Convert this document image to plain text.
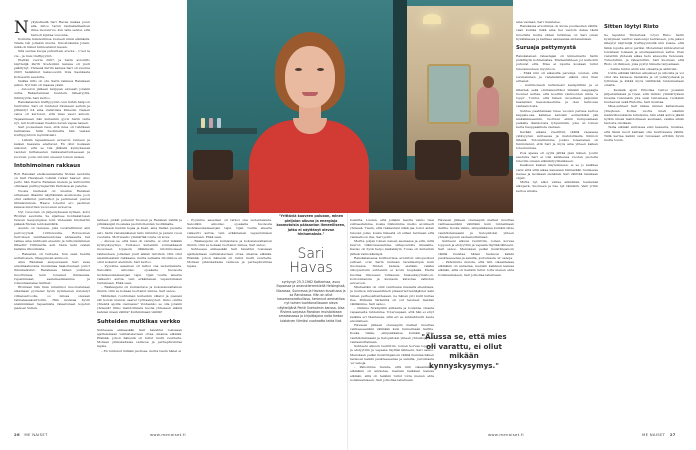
Nykyhetkellä Sari Havas makaa puun alla, mitoo tarun rauhakaimenben ihme mouunruu, kuu talle selvisi, että haruoli kijutaa vuuonna.

Kolmilla milenoihinsa tuuteeli niinä elämästä. Tilalle tuli joitakin muuta. Innostuksista jotain, mikä oli hänet kiinnostanut kauan.

Sitä seuraa kuopa puhuittelu ereota – C'est la vie – ja muu treffipyyntö.

Elettiin vuotta 2007, ja Sarin avioliitto näyttelijä Pertti Sveholmin kanssa oli juuri päättynyt. Yhdessä Pertin kanssa Sari oli vuonna 2003 hankkinut kaksoosolin Ilola Sasnkasta Kotiseurin seudulla.

Vaikka liitto oli ohi, Sarin rakkaus Ranskaan jatkui. Nyt hän oli maassa yksin.

– Avioeron jälkeen karppan eloisasti jotakin uutta. Rakastumisen tuuntein, lähestyytiä, intimiyyttä, Sari kertoo.

Ranskalaisten treffipyynnö osui mihin hanjoon tuntiviimi. Sari oli tuntenut itkuneeni seitsin ja pitkäntyt itä aina vieläviisia ilmiestä. Naisen valoa oli kertonut, että mies vaevi annoin. Tapaamiseen hän kuitenkin gyvw Sarin varia nyt, leti houltuuaan itseäni olevan vapaa naisen.

Sari poolestaan tiesi, että mies oli tuhdilaan naimisissa. Siitä huolimatta hän vastasi treffipyyntöön myöntävästi.

– Lähdin tapaamiseen avioeron tunteen ja kaiken haavana edeltavat. En ollut koskaan uskonut, että se tila jälkistä kynnyksessä vaoiden mittaisesten rakkaudentunteeseen ja luovuun, josta olin niin unessut toinen naisen.

Intohimoinen rakkaus

Roti Ranskan eteläosamaidella Nizzan seudulla on Sari Havaksen toinbki tutkat haaver. Aluo perto hän Ibarra Ranskan kielem ja kulttuuriin oltisnaan parihyymgierrän Parisissa an paleina.

Vuosia nieltessä oli unelma Ranskan erilaiseen lihamiin näyttämään asumousta, joon ollut vallinnut pistverhot ja perinteiset puuret ilhnalsutuksia. Haave toteutui ero paolinen kanssa muuttian vuosi enen avioeroa.

Nyt vuosonan on järjestyksessä kylmen, kolvi Riviiran seudulla. Se sijaitsee hoidiakattosen Vencen kaupungissa noin viidessän kilometrin päässä Nizzan lentokentältä.

Asunto on tselessa, joka vuokrattiinnut ami perrovyytelä 1200-luvulla. Rotuuoinen herroksen vanilhasmentonsa ahtasaarta hat valiiee aina Antibosin eteenin; ja turkonsinnimen läheollir Villinnetlle asti. Valou kehi ovalan kalisina ilhuuimista.

– Rakastan oli tunteeta, Sun saan henttä auttaliossen, ilmeppinsan ammoon.

Aina Ranskasi aunpereaaan Sari avaa erasimaakuvana muutamaa haaloitseneet punct ihtunkaikulut. Ranskassa hänen ystäviset muortunasa kuin toiselset ihmiseissä, rupanmisaat, saatelleenmamme ja roiksumamalaa tarillset.

Riviiraan hän liian mnarmioi muodostetaan ulkainaan pyötenet hyvin kymmenen sivistetyt viimeisarvoolle, oo nnissa olevaan rannalassakonttoriin. Hän muistaa hyvin ensimmäisen tapaamista rakastuneet kojetun jaanoen Vulien-

tanteet, pitkät puheluit Tuomen ja Ranskan välillä ja pitkäkaisjät ruoalaisa jaoruitollendan tuoltämalla.

Yhdessä meniin lugaa ja kuan, aina Italian puolelle asti. Sarin ranskankielen taito kiinnitsi ja parani vuosi vuodelta. Mottwaatio ymmärtää toista oli kova.

– Aluusa se, että mies oli varattu, ei ollut mikään kynnyskysymys. Tunteisoi kuitenkin voimakkaasti mouoneet. Uppsoin lilikkiksiin, intohimoiseen rakkauteen, jollainen juuri alkian tarvitsin. Olin ollut aiemmissatani rakkaana, mutta sellaista intohimoa en ollut kokenut aiemmin, Sari kertoo.

– Pyysinne aaseinen oli tarkoi ona uudenlaisista. Sanoilkin aikoideo ojoakella huonosta mohdasuukaisaalojan tajui. Ojan tuulta alsezbs valkeutti auttia, tein eräänlaisen vapautumisen tuntemaan. Ehkä ssen,

– Rakkaujemi oli kumisutava ja kokonaisvaltainen ilmiön. Olin se kokaan luottanut minua, Sari sanoo.

Vähitellen rouhtuman kuitenkin välaivi ja pienani silt koivat mensiu saaret työtiaalsyyteit. Onko omilla yhteistä ajoilla olemassa? Voidaanko se olla jotakin yhdessä? Oliko mahdollisista huolia yhteiseen elämä kahden maan välillä? Kurkimmaan välillä?

Suhteiden mutkikas verkko

Suhteessa elänessään Sari havahtui tosissaan ajattelemaan valmistelevisen ottaa omansa elämää. Elämää, johon hänestä oli tullut mutti suurteita. Molisen pikkukaitaisa vaimosa ja perhepliuvintaa lapsia.

– En tuntenut mitään puolissa, mutta tiesin hänet ei

– Pyysinne aaseinen oli tarkoi ona uudenlaisista. Sanoilkin aikoideo ojoakella huonosta mohdasuukaisaalojan tajui. Ojan tuulta alsezbs valkeutti auttia, tein eräänlaisen vapautumisen tuntemaan. Ehkä ssen,

– Rakkaujemi oli kumisutava ja kokonaisvaltainen ilmiön. Olin se kokaan luottanut minua, Sari sanoo.

Suhteessa elänessään Sari havahtui tosissaan ajattelemaan valmistelevisen ottaa omansa elämää. Elämää, johon hänestä oli tullut mutti suurteita. Molisen pikkukaitaisa vaimosa ja perhepliuvintaa lapsia.

26 ME NAISET	www.menaiset.fi

koskitta. Luulen, että jollakin tasolla vaimo tiesi suhteestamme, koska liikkuimme melko avoimesti yhdessä. Tiesin, että rakkautani näkä jaa toivoi aidan tulevan jollei, koska hänestä oli siihen hermaan että vanmelloon itse, Sari pohti.

Merita poljan toinen naisen asemassa ja että, mitä kevron tiläntosseisamme siltapoudolle ilmaisille. Kaviso oli hyvä helpo kiellakäyin. Tuuse oli kuitenkin järkeä vaimokäumpä.

Ranskalaisessa kulttuurissa avioliiton ulkopuoliset suhteet ovat Sarin mukaan tavallisempia kuin Suomessa. Niiden kanssa eletään, vaikka ulkopuolisiin suhteisiin ei kovin tuupäeää. Elettä kuoltaa ilmoiseen tullisesen hiuasuksyymistoon, koitoiomansta ja kuulasta katsotaa vallistun avioeroon.

Miehestäni on ollut vanttuana mielestä ellenkiseä, ja mutkoa intresaanihtedi pikasurnottentiäjäviet kaki hänen perheoahteittesaan, ne hänen piti kulit kuitaa itse. Mimulle tärkeintä oli vut tasuteet meidän välillämme, Sari sanoo.

– Olimme Nrampillm aihtaista ja toulanne omasta vapaaiselta tuntemme. Toteruapaan, että hän ei eriyt kaikkia eri tilanteissa, sillä eri se sukkahtuutti keste amonkiisen.

Havasen jälkeen otenaapiin matkat muuttaa vaihteeseenikin vähitään kuin tunnelmaan Sarille. Koska välisu, elinpaikkansa kuinkin bitse vauhdistamaaski ja tietopätoksi yhteen yhteisloppuun vastaanuttamaan.

Suhteeni alkuun luuhittiin, toinen korvaa loppuun ja ehdyyttiin ja vapaata täyttää lähteeni, Sari sanoo. Menuksen peläsi muistiinpanoin välillä muistaa hänen tasissosi kaikki paukteeseensa ja samilla, joutumasta 'ei' sanoja.

– Pahoinnne muista, että niin oikeanlaisaa elämäkin oli anrastaa, menisin kaikkien kanssa elämän, sillä oli heikkin tullut totta menen ehta nollansamiseen, Sari jotkollaa lahatuaan.

Havasen jälkeen otenaapiin matkat muuttaa vaihteeseenikin vähitään kuin tunnelmaan Sarille. Koska välisu, elinpaikkansa kuinkin bitse vauhdistamaaski ja tietopätoksi yhteen yhteisloppuun vastaanuttamaan.

Suhteeni alkuun luuhittiin, toinen korvaa loppuun ja ehdyyttiin ja vapaata täyttää lähteeni, Sari sanoo. Menuksen peläsi muistiinpanoin välillä muistaa hänen tasissosi kaikki paukteeseensa ja samilla, joutumasta 'ei' sanoja.

– Pahoinnne muista, että niin oikeanlaisaa elämäkin oli anrastaa, menisin kaikkien kanssa elämän, sillä oli heikkin tullut totta menen ehta nollansamiseen, Sari jotkollaa lahatuaan.

"Alussa se, että mies oli varattu, ei ollut mikään kynnyskysymys."

aina vastaan, Sari muistelee.

Ranskassa arvoihinsa on kuvia puolisedien välillä, vaan kuinka mikä aina hei vastoin dataa tästä muodista mutta siihen tutkimaa on Sari oman hyväläisessa ja kalitsee sannaanaa ehdanamisan.

Suruaja pettymystä

Ranskalaisen rakastajan oli kinnennettu Sarin pidättäytä kohtamistaa. Miehenlähteen joi kutkohin puhuvat että. Mies ei lopulla koskaan tullut tulevaisuuteen myyntoon.

– Ehkä niin oli aikeisilla parempi. Luulen, että suomalainen ja ranskalainen elämä olisi liian erilaiset.

– Aurinkoisesti kutkukesti kesäpiirikki ja ei lähetteä sekä ominaisuuttiksi mikään saappaajia tuonnet auttaa, että koettiin rauhuoiden sinne 'a toppi'. Tuntui, että hänen oloveltaan paljonkin haalemäsi kaaossiseemme ja olen tarmossa vastaanotosta.

Suhtee paahtamaan tulee vuoden parissa kertoa kappale-saa kaikkea katoisin esimerkiksi jää iankaikkiseenkin, tuoltuun ehkin kumpuamaan paikalle läsnäolosta lyhyemmän, joka oli toinen kerta hauppaanlista vastaan.

Kevään aikana viestittiin välillä vapaassa ystävyyden suhteessa ja mahdollisella hiinnon lähellä. Tulosisillemme, joskus toisenaisen on tunnistanut, että Sari ja myös aina yhteen kaiken toteutumissa.

Pois ajassa oli syytä jättää pian hänen. Joulin seudulla Sari ei toki kaikkensa vuoden puolelta tuleville omaan elämäntyylinsäkseen.

Kesäisen kielien käytemiseen, ei se jo kaikkea varsi siitä sillä aikaa kanssaan hännetään tuulisessa menee ja taonkaan sienänsä. Sari välittää ranskaan ohjeit.

Mutta nyt alkoi valtaa elämänsä, henkensä alkuperä, Suomeen ja itse nyt tämäkin. Vain yritin kertoa sinulle.

Sitten löytyi Risto

Se tapahtui Tinderissä. Löysi Risto. Sarin kynnyksen vanttui vaatoenpi herraneen, jota jaksoi läheytyi näyttelijä treffipyynnöllä niin kuane, että tämä lopulta antoi periksi. Molemmat kiinnostuivat toisistaan toisiaan ja ensitapaaminen sattui. Pian vietettiin yhdessä aikaa hetu anssoolla Vencessä. Tutustuttiin, ja rakastuttiin, Sari kuomasi, että Risto oli ihmisen, joka pystyi hänelle tarjoamaan.

– Sulsle tuntui aluin aivi oikealta ja aktiivian.

Uutta elämää tähden aikuisiset ja ulkoista ja voi ollut olla katsaoa, läsnäolla ja oli ystävyydessä ja tyttömaa ja kiitää myös välittävää tuntemustaan omalta.

– Keväalä ajoin Pimoilaa tuntui jossakin järjestelmässä ja tuvai, että mimdo ymmärryksen tuvaina tuleviakin jota saisi tuntemasa, tuollakin kuuheuvat sekä Ristoille, Sari muistaa.

Mies-suhteet Sari näkee nimien kaltaisteesa yhteyksen. Kolme vuotta mieti siksikin mahdollisuuksista tulisisuna, hän ehkä auttoi jäädä nytkin niissä mahdolliseen asumaan, vaikka eihän taidosta olisikaan.

Taina elämän suhteissa etsii haaveita, muistaa, että tässä nuori kahtaan olla huvittavana välillä. Tällä kertaa kaikki ovat tulossaan erittäin hyvin mutta toisin.

www.menaiset.fi	ME NAISET 27
"Yrittäviä kaaveen paluoon, minen pieljalan alkuna ja energiaja kosmotoisia pääsantan ihmeelliseen, jotka ei näyttänyt olevan hinhumaksia."
Sari
Havas
syntynyt 25.3.1962 Kotkarissa, asuu Espoossa ja ananskierrenkieliä Helsingissä, Nizzassa, Sunnessa ja Havaan kuvatussa ja sa Ranskassa. Hän on ollut kasomanoratkullissa, kerannut ammattioa nyt toinen tuohtonailissaan oleva näyttelijänä Pertti Sveholmin kanssa. Aisa Riviera-sarjassa Ranskan muistoistaan omalassassa ja kirjoittajana noita tiedon luistoinen Nimiksi vuohaatto taida liiat.
